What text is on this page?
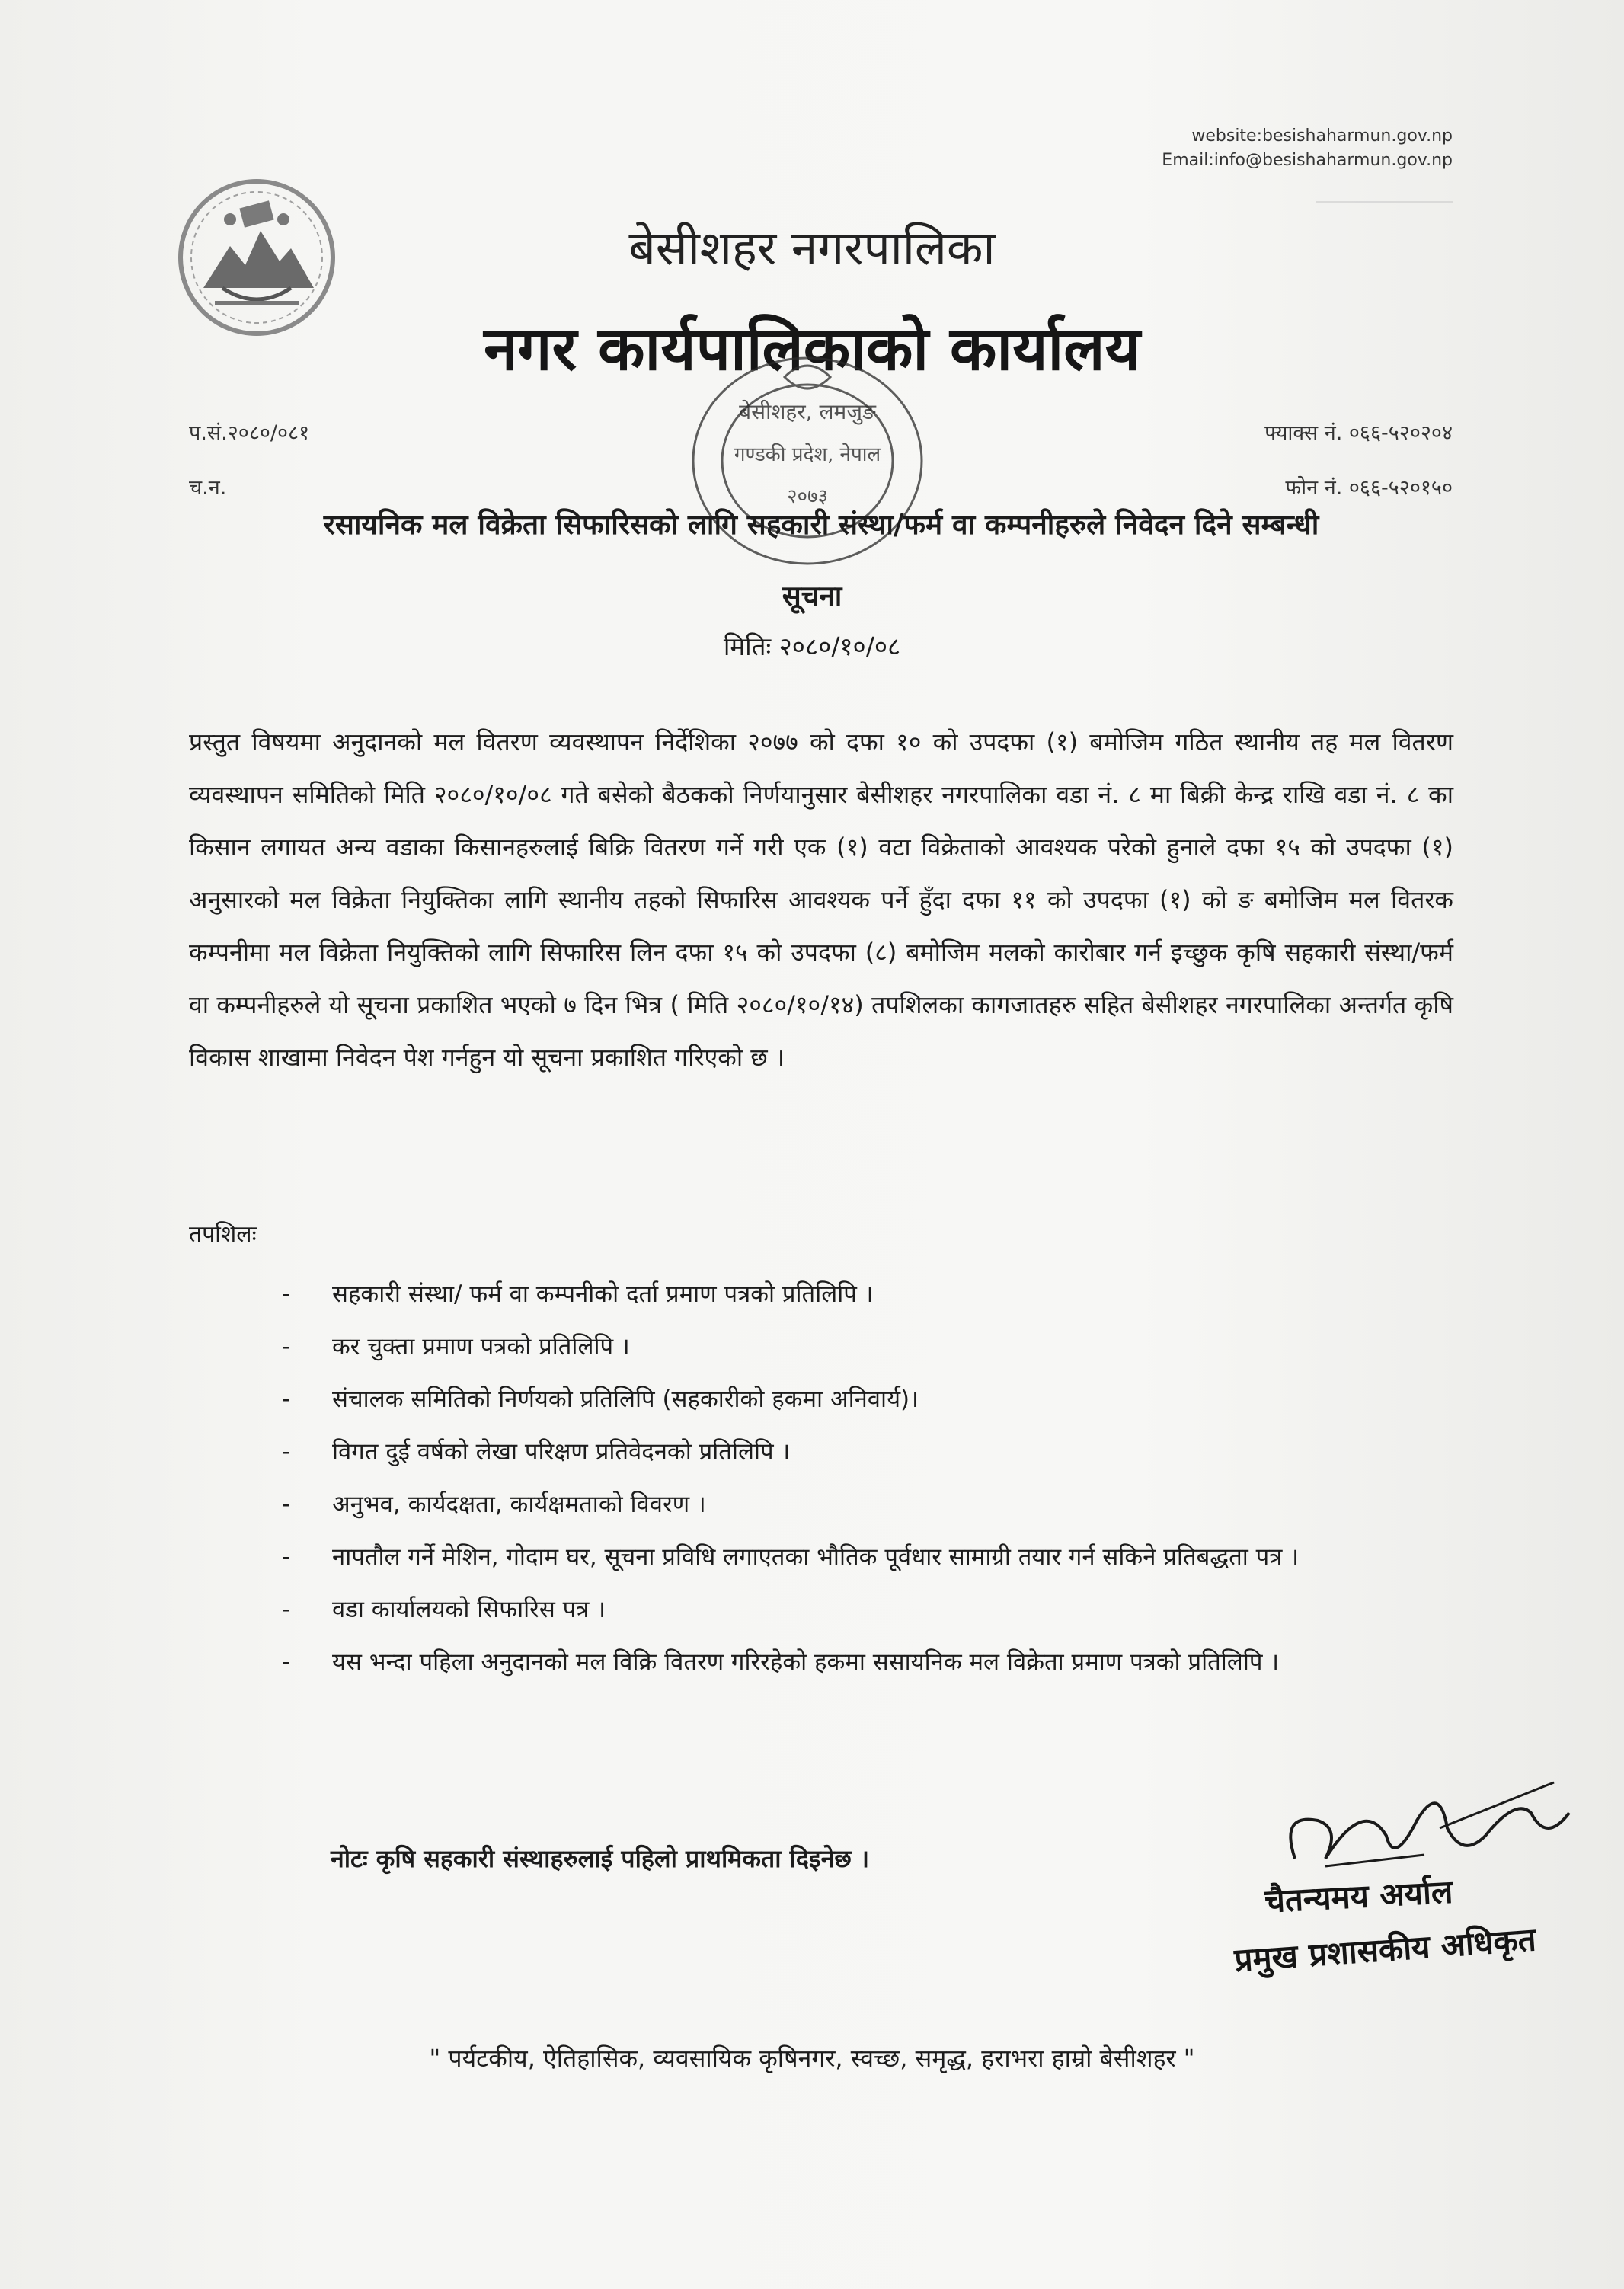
website:besishaharmun.gov.np
Email:info@besishaharmun.gov.np
बेसीशहर नगरपालिका
नगर कार्यपालिकाको कार्यालय
प.सं.२०८०/०८१
च.न.
फ्याक्स नं. ०६६-५२०२०४
फोन नं. ०६६-५२०१५०
बेसीशहर, लमजुङ
गण्डकी प्रदेश, नेपाल
२०७३
रसायनिक मल विक्रेता सिफारिसको लागि सहकारी संस्था/फर्म वा कम्पनीहरुले निवेदन दिने सम्बन्धी
सूचना
मितिः २०८०/१०/०८
प्रस्तुत विषयमा अनुदानको मल वितरण व्यवस्थापन निर्देशिका २०७७ को दफा १० को उपदफा (१) बमोजिम गठित स्थानीय तह मल वितरण व्यवस्थापन समितिको मिति २०८०/१०/०८ गते बसेको बैठकको निर्णयानुसार बेसीशहर नगरपालिका वडा नं. ८ मा बिक्री केन्द्र राखि वडा नं. ८ का किसान लगायत अन्य वडाका किसानहरुलाई बिक्रि वितरण गर्ने गरी एक (१) वटा विक्रेताको आवश्यक परेको हुनाले दफा १५ को उपदफा (१) अनुसारको मल विक्रेता नियुक्तिका लागि स्थानीय तहको सिफारिस आवश्यक पर्ने हुँदा दफा ११ को उपदफा (१) को ङ बमोजिम मल वितरक कम्पनीमा मल विक्रेता नियुक्तिको लागि सिफारिस लिन दफा १५ को उपदफा (८) बमोजिम मलको कारोबार गर्न इच्छुक कृषि सहकारी संस्था/फर्म वा कम्पनीहरुले यो सूचना प्रकाशित भएको ७ दिन भित्र ( मिति २०८०/१०/१४) तपशिलका कागजातहरु सहित बेसीशहर नगरपालिका अन्तर्गत कृषि विकास शाखामा निवेदन पेश गर्नहुन यो सूचना प्रकाशित गरिएको छ ।
तपशिलः
- सहकारी संस्था/ फर्म वा कम्पनीको दर्ता प्रमाण पत्रको प्रतिलिपि ।
- कर चुक्ता प्रमाण पत्रको प्रतिलिपि ।
- संचालक समितिको निर्णयको प्रतिलिपि (सहकारीको हकमा अनिवार्य)।
- विगत दुई वर्षको लेखा परिक्षण प्रतिवेदनको प्रतिलिपि ।
- अनुभव, कार्यदक्षता, कार्यक्षमताको विवरण ।
- नापतौल गर्ने मेशिन, गोदाम घर, सूचना प्रविधि लगाएतका भौतिक पूर्वधार सामाग्री तयार गर्न सकिने प्रतिबद्धता पत्र ।
- वडा कार्यालयको सिफारिस पत्र ।
- यस भन्दा पहिला अनुदानको मल विक्रि वितरण गरिरहेको हकमा ससायनिक मल विक्रेता प्रमाण पत्रको प्रतिलिपि ।
नोटः कृषि सहकारी संस्थाहरुलाई पहिलो प्राथमिकता दिइनेछ ।
चैतन्यमय अर्याल
प्रमुख प्रशासकीय अधिकृत
" पर्यटकीय, ऐतिहासिक, व्यवसायिक कृषिनगर, स्वच्छ, समृद्ध, हराभरा हाम्रो बेसीशहर "
